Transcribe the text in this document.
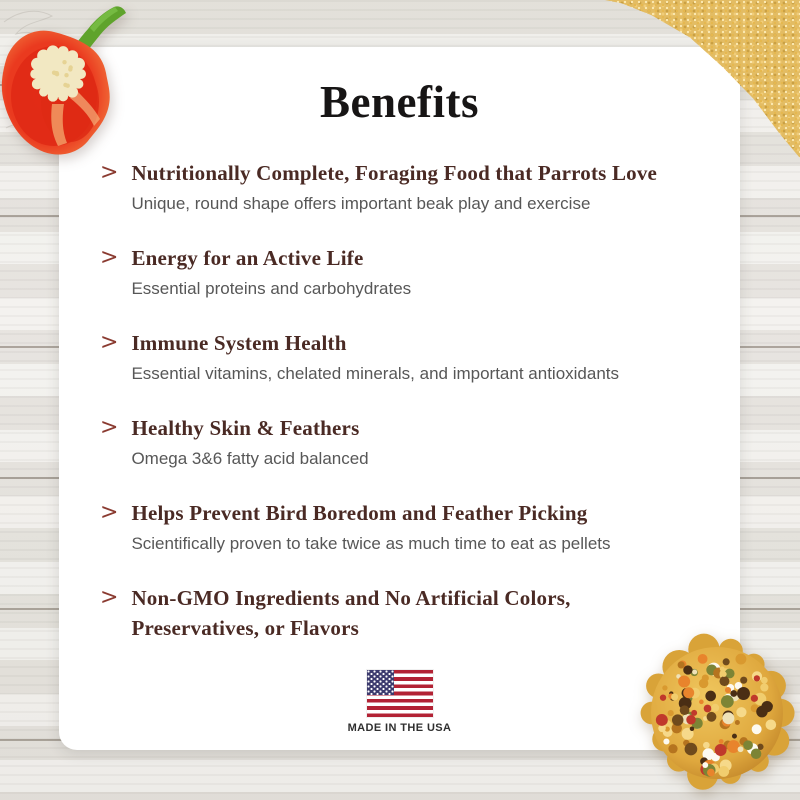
Benefits
> Nutritionally Complete, Foraging Food that Parrots Love
Unique, round shape offers important beak play and exercise
> Energy for an Active Life
Essential proteins and carbohydrates
> Immune System Health
Essential vitamins, chelated minerals, and important antioxidants
> Healthy Skin & Feathers
Omega 3&6 fatty acid balanced
> Helps Prevent Bird Boredom and Feather Picking
Scientifically proven to take twice as much time to eat as pellets
> Non-GMO Ingredients and No Artificial Colors, Preservatives, or Flavors
MADE IN THE USA
